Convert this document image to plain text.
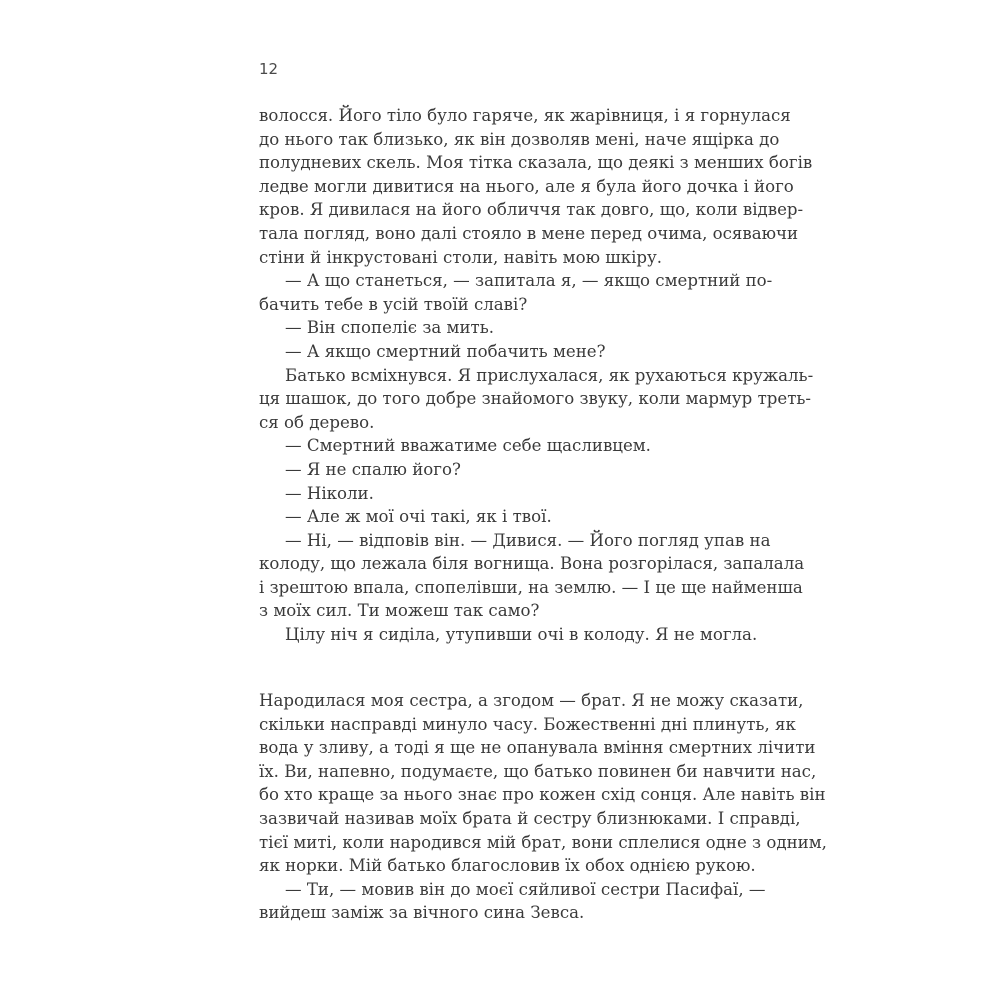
12
волосся. Його тіло було гаряче, як жарівниця, і я горнулася
до нього так близько, як він дозволяв мені, наче ящірка до
полудневих скель. Моя тітка сказала, що деякі з менших богів
ледве могли дивитися на нього, але я була його дочка і його
кров. Я дивилася на його обличчя так довго, що, коли відвер-
тала погляд, воно далі стояло в мене перед очима, осяваючи
стіни й інкрустовані столи, навіть мою шкіру.
— А що станеться, — запитала я, — якщо смертний по-
бачить тебе в усій твоїй славі?
— Він спопеліє за мить.
— А якщо смертний побачить мене?
Батько всміхнувся. Я прислухалася, як рухаються кружаль-
ця шашок, до того добре знайомого звуку, коли мармур треть-
ся об дерево.
— Смертний вважатиме себе щасливцем.
— Я не спалю його?
— Ніколи.
— Але ж мої очі такі, як і твої.
— Ні, — відповів він. — Дивися. — Його погляд упав на
колоду, що лежала біля вогнища. Вона розгорілася, запалала
і зрештою впала, спопелівши, на землю. — І це ще найменша
з моїх сил. Ти можеш так само?
Цілу ніч я сиділа, утупивши очі в колоду. Я не могла.
Народилася моя сестра, а згодом — брат. Я не можу сказати,
скільки насправді минуло часу. Божественні дні плинуть, як
вода у зливу, а тоді я ще не опанувала вміння смертних лічити
їх. Ви, напевно, подумаєте, що батько повинен би навчити нас,
бо хто краще за нього знає про кожен схід сонця. Але навіть він
зазвичай називав моїх брата й сестру близнюками. І справді,
тієї миті, коли народився мій брат, вони сплелися одне з одним,
як норки. Мій батько благословив їх обох однією рукою.
— Ти, — мовив він до моєї сяйливої сестри Пасифаї, —
вийдеш заміж за вічного сина Зевса.
